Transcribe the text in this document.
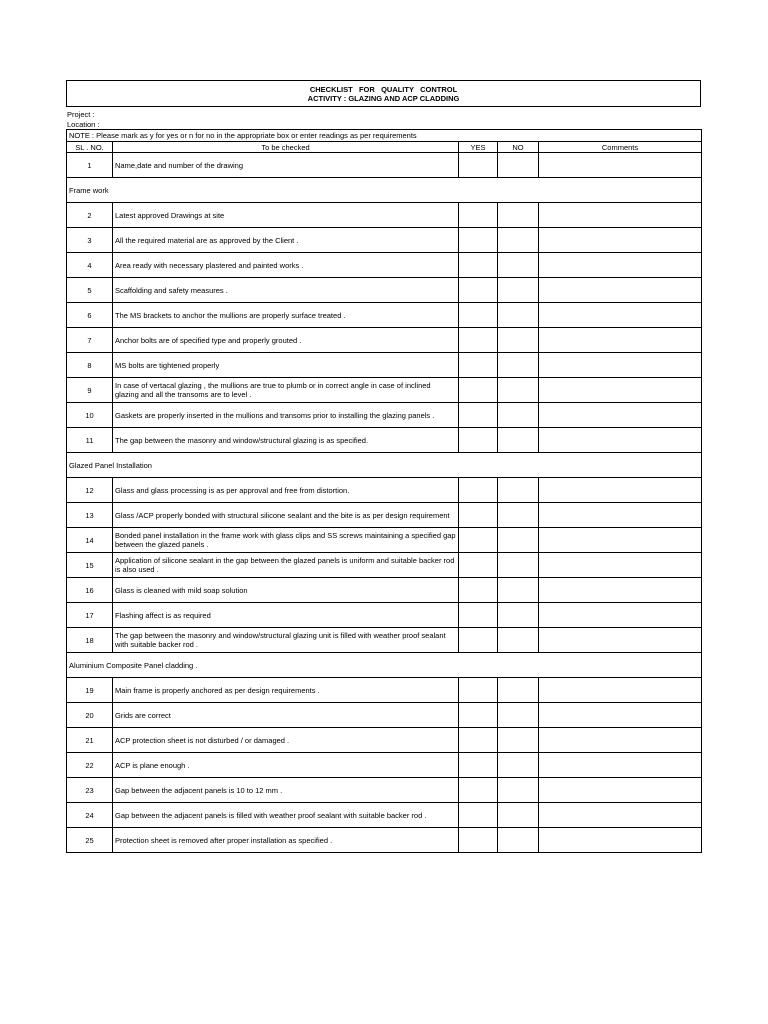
CHECKLIST   FOR   QUALITY   CONTROL
ACTIVITY : GLAZING AND ACP CLADDING
Project :
Location :
NOTE : Please mark as y for yes or n for no in the appropriate box or enter readings as per requirements				
SL . NO.	To be checked	YES	NO	Comments
1	Name,date and number of the drawing			
Frame work				
2	Latest approved Drawings at site			
3	All the required material are as approved by the Client .			
4	Area ready with necessary plastered and painted works .			
5	Scaffolding and safety measures .			
6	The MS brackets to anchor the mullions are properly surface treated .			
7	Anchor bolts are of specified type and properly grouted .			
8	MS bolts are tightened properly			
9	In case of vertacal glazing , the mullions are true to plumb or in correct angle in case of inclined glazing and all the transoms are to level .			
10	Gaskets are properly inserted in the mullions and transoms prior to installing the glazing panels .			
11	The gap between the masonry and window/structural glazing is as specified.			
Glazed Panel Installation				
12	Glass and glass processing is as per approval and free from distortion.			
13	Glass /ACP properly bonded with structural silicone sealant and the bite is as per design requirement			
14	Bonded panel installation in the frame work with glass clips and SS screws maintaining a specified gap between the glazed panels .			
15	Application of silicone sealant in the gap between the glazed panels is uniform and suitable backer rod is also used .			
16	Glass is cleaned with mild soap solution			
17	Flashing affect is as required			
18	The gap between the masonry and window/structural glazing unit is filled with weather proof sealant with suitable backer rod .			
Aluminium Composite Panel cladding .				
19	Main frame is properly anchored as per design requirements .			
20	Grids are correct			
21	ACP protection sheet is not disturbed / or damaged .			
22	ACP is plane enough .			
23	Gap between the adjacent panels is 10 to 12 mm .			
24	Gap between the adjacent panels is filled with weather proof sealant with suitable backer rod .			
25	Protection sheet is removed after proper installation as specified .			
